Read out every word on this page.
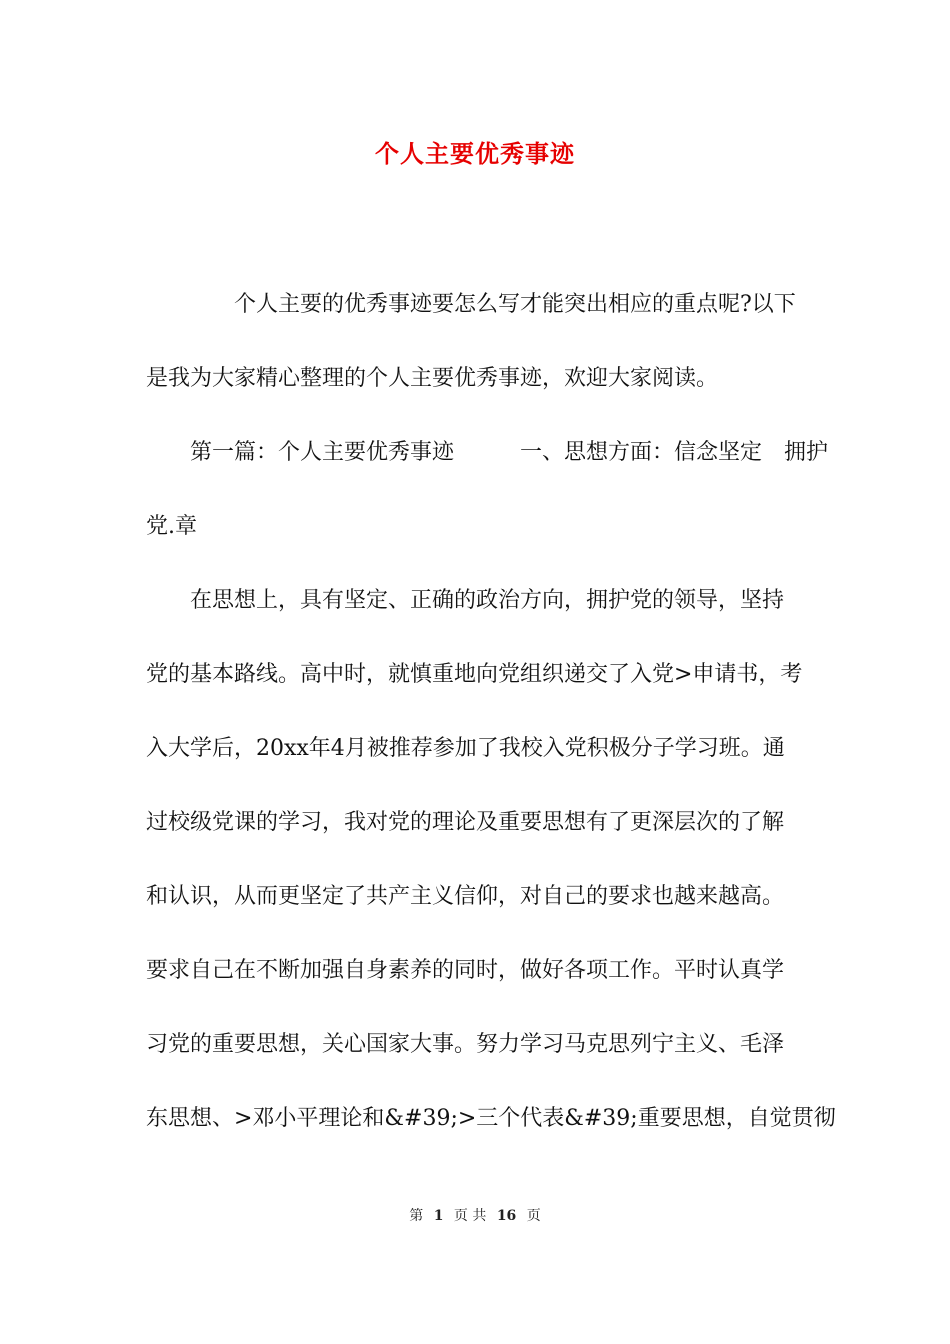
个人主要优秀事迹
　　　　个人主要的优秀事迹要怎么写才能突出相应的重点呢?以下
是我为大家精心整理的个人主要优秀事迹，欢迎大家阅读。
　　第一篇：个人主要优秀事迹　　　一、思想方面：信念坚定　拥护
党.章
　　在思想上，具有坚定、正确的政治方向，拥护党的领导，坚持
党的基本路线。高中时，就慎重地向党组织递交了入党>申请书，考
入大学后，20xx年4月被推荐参加了我校入党积极分子学习班。通
过校级党课的学习，我对党的理论及重要思想有了更深层次的了解
和认识，从而更坚定了共产主义信仰，对自己的要求也越来越高。
要求自己在不断加强自身素养的同时，做好各项工作。平时认真学
习党的重要思想，关心国家大事。努力学习马克思列宁主义、毛泽
东思想、>邓小平理论和&#39;>三个代表&#39;重要思想，自觉贯彻
第 1 页 共 16 页
